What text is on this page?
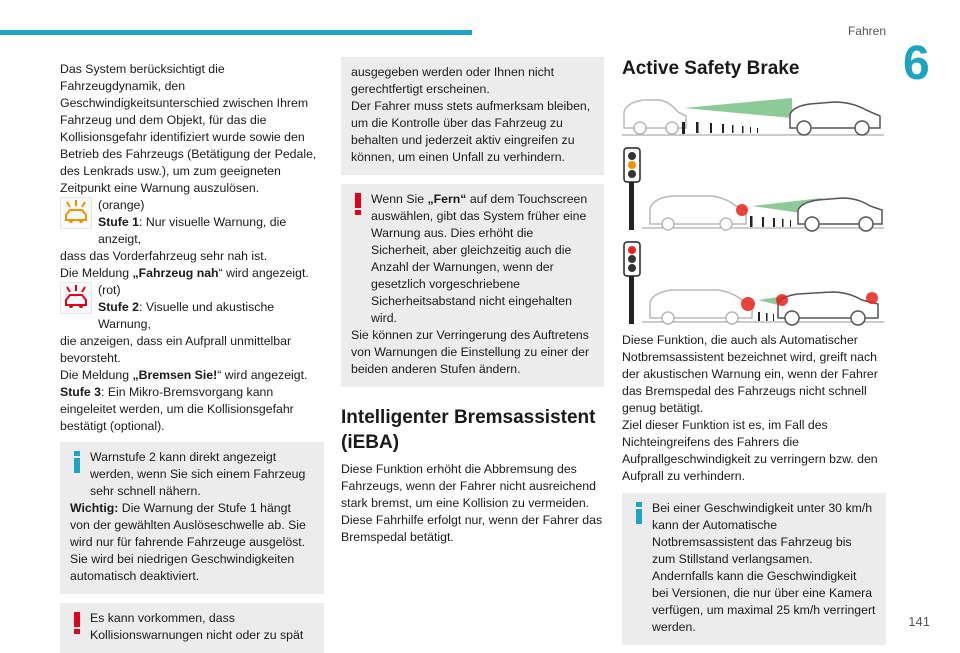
Fahren
6
141

Das System berücksichtigt die Fahrzeugdynamik, den Geschwindigkeitsunterschied zwischen Ihrem Fahrzeug und dem Objekt, für das die Kollisionsgefahr identifiziert wurde sowie den Betrieb des Fahrzeugs (Betätigung der Pedale, des Lenkrads usw.), um zum geeigneten Zeitpunkt eine Warnung auszulösen.

(orange)

Stufe 1: Nur visuelle Warnung, die anzeigt,

dass das Vorderfahrzeug sehr nah ist.

Die Meldung „Fahrzeug nah“ wird angezeigt.

(rot)

Stufe 2: Visuelle und akustische Warnung,

die anzeigen, dass ein Aufprall unmittelbar bevorsteht.

Die Meldung „Bremsen Sie!“ wird angezeigt.

Stufe 3: Ein Mikro-Bremsvorgang kann eingeleitet werden, um die Kollisionsgefahr bestätigt (optional).

Warnstufe 2 kann direkt angezeigt werden, wenn Sie sich einem Fahrzeug sehr schnell nähern.

Wichtig: Die Warnung der Stufe 1 hängt von der gewählten Auslöseschwelle ab. Sie wird nur für fahrende Fahrzeuge ausgelöst. Sie wird bei niedrigen Geschwindigkeiten automatisch deaktiviert.

Es kann vorkommen, dass Kollisionswarnungen nicht oder zu spät

ausgegeben werden oder Ihnen nicht gerechtfertigt erscheinen.

Der Fahrer muss stets aufmerksam bleiben, um die Kontrolle über das Fahrzeug zu behalten und jederzeit aktiv eingreifen zu können, um einen Unfall zu verhindern.

Wenn Sie „Fern“ auf dem Touchscreen auswählen, gibt das System früher eine Warnung aus. Dies erhöht die Sicherheit, aber gleichzeitig auch die Anzahl der Warnungen, wenn der gesetzlich vorgeschriebene Sicherheitsabstand nicht eingehalten wird.

Sie können zur Verringerung des Auftretens von Warnungen die Einstellung zu einer der beiden anderen Stufen ändern.

Intelligenter Bremsassistent (iEBA)

Diese Funktion erhöht die Abbremsung des Fahrzeugs, wenn der Fahrer nicht ausreichend stark bremst, um eine Kollision zu vermeiden.

Diese Fahrhilfe erfolgt nur, wenn der Fahrer das Bremspedal betätigt.

Active Safety Brake

Diese Funktion, die auch als Automatischer Notbremsassistent bezeichnet wird, greift nach der akustischen Warnung ein, wenn der Fahrer das Bremspedal des Fahrzeugs nicht schnell genug betätigt.

Ziel dieser Funktion ist es, im Fall des Nichteingreifens des Fahrers die Aufprallgeschwindigkeit zu verringern bzw. den Aufprall zu verhindern.

Bei einer Geschwindigkeit unter 30 km/h kann der Automatische Notbremsassistent das Fahrzeug bis zum Stillstand verlangsamen. Andernfalls kann die Geschwindigkeit bei Versionen, die nur über eine Kamera verfügen, um maximal 25 km/h verringert werden.
